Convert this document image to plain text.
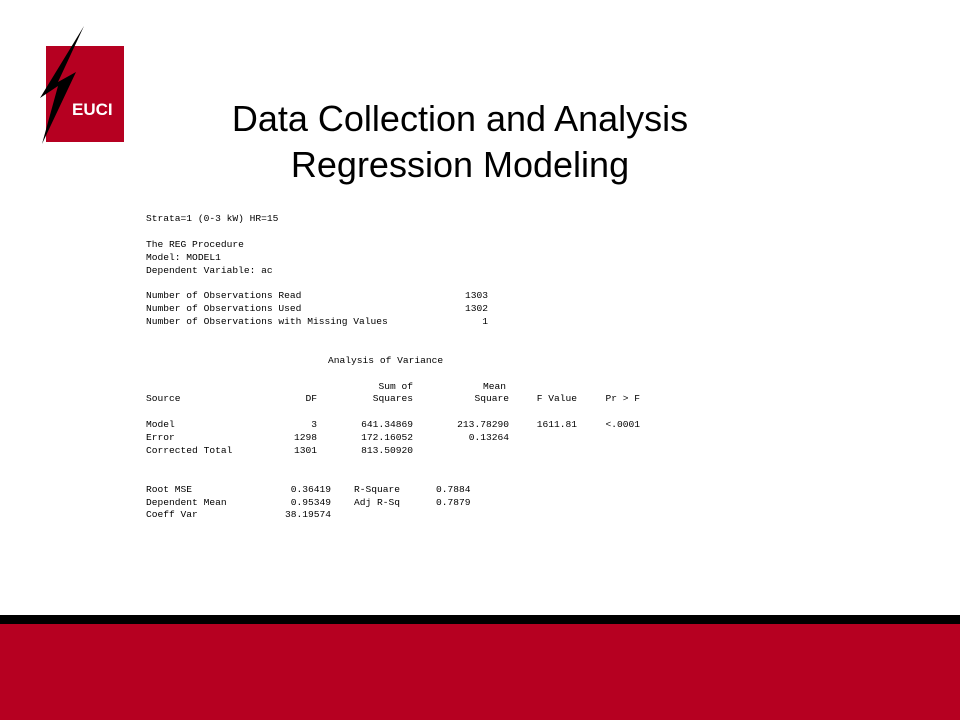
EUCI	Data Collection and Analysis
Regression Modeling
Strata=1 (0-3 kW) HR=15
The REG Procedure
Model: MODEL1
Dependent Variable: ac
Number of Observations Read	1303
Number of Observations Used	1302
Number of Observations with Missing Values	1
Analysis of Variance
Sum of	Mean
Source	DF	Squares	Square	F Value	Pr > F
Model	3	641.34869	213.78290	1611.81	<.0001
Error	1298	172.16052	0.13264
Corrected Total	1301	813.50920
Root MSE	0.36419 R-Square	0.7884
Dependent Mean	0.95349 Adj R-Sq	0.7879
Coeff Var	38.19574
